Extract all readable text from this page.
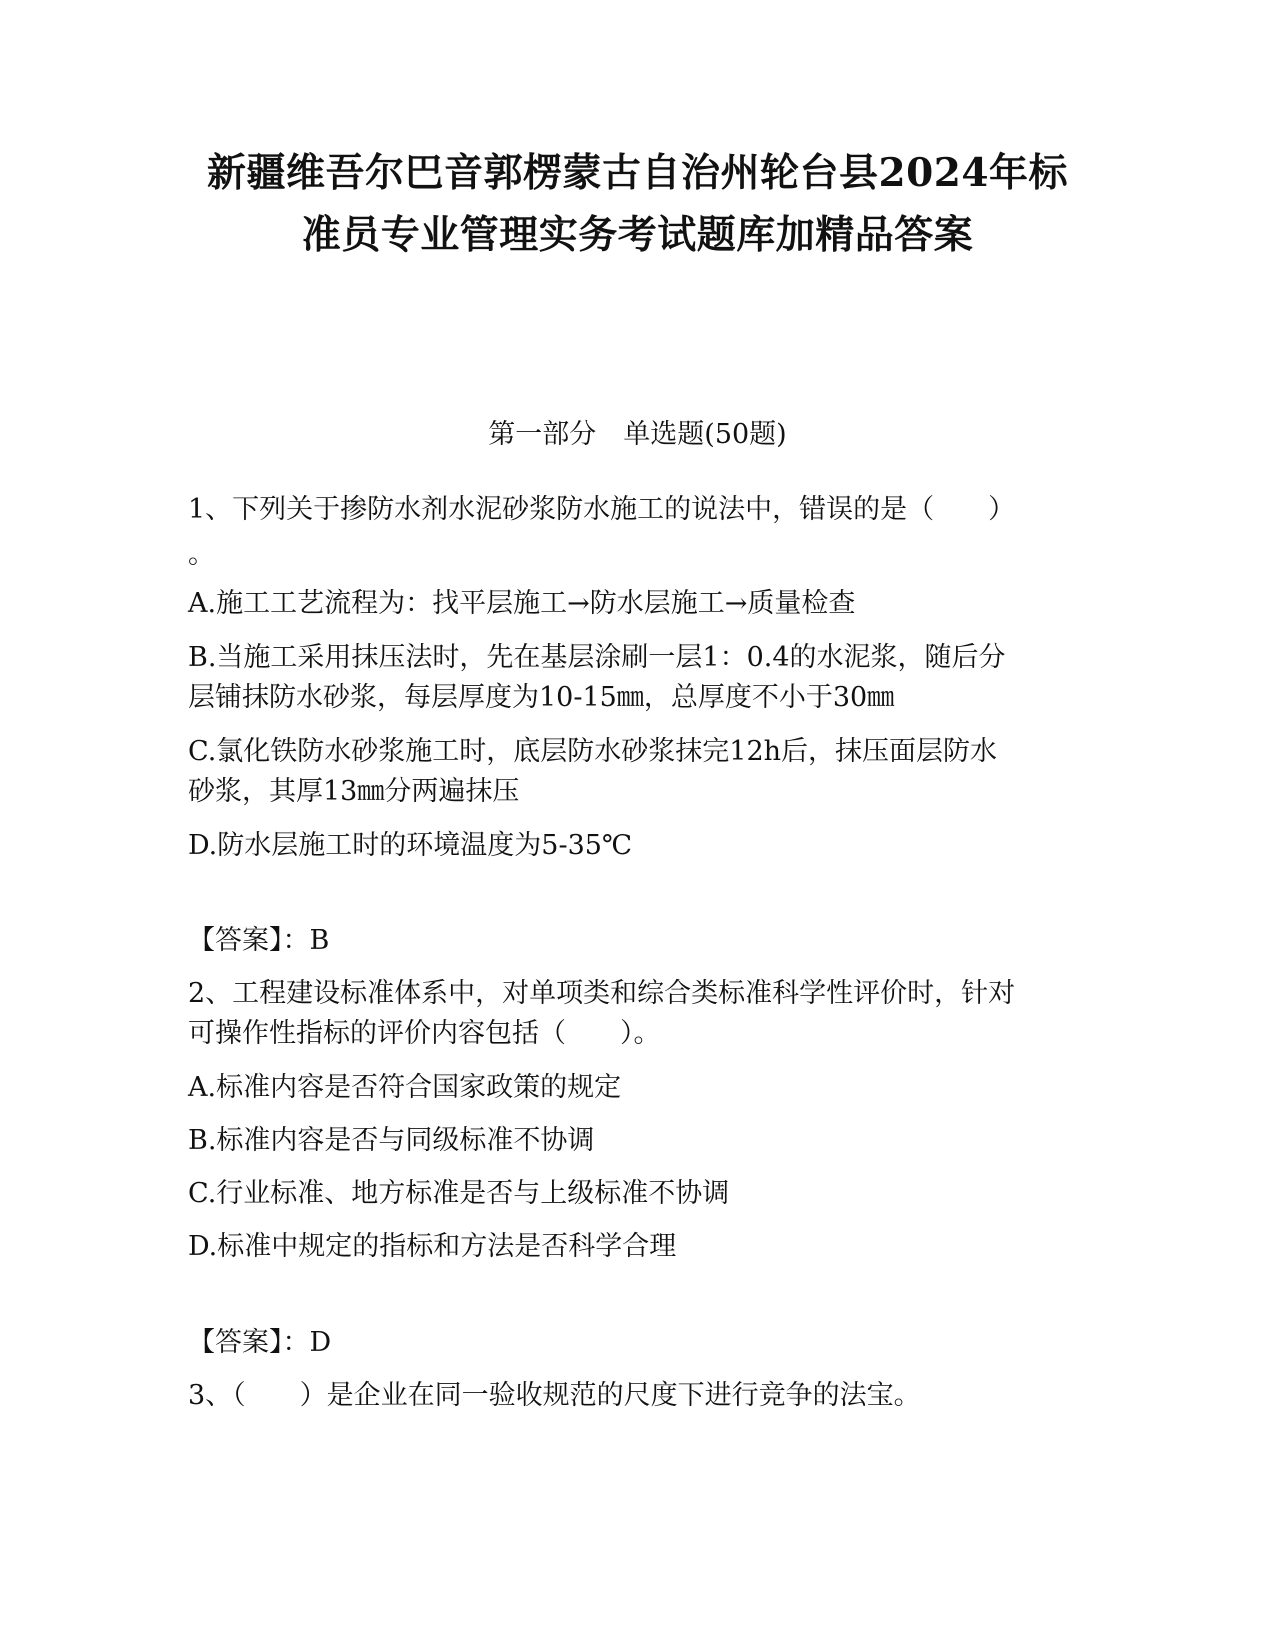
新疆维吾尔巴音郭楞蒙古自治州轮台县2024年标
准员专业管理实务考试题库加精品答案
第一部分　单选题(50题)
1、下列关于掺防水剂水泥砂浆防水施工的说法中，错误的是（　　）
。
A.施工工艺流程为：找平层施工→防水层施工→质量检查
B.当施工采用抹压法时，先在基层涂刷一层1：0.4的水泥浆，随后分
层铺抹防水砂浆，每层厚度为10-15㎜，总厚度不小于30㎜
C.氯化铁防水砂浆施工时，底层防水砂浆抹完12h后，抹压面层防水
砂浆，其厚13㎜分两遍抹压
D.防水层施工时的环境温度为5-35℃
【答案】：B
2、工程建设标准体系中，对单项类和综合类标准科学性评价时，针对
可操作性指标的评价内容包括（　　）。
A.标准内容是否符合国家政策的规定
B.标准内容是否与同级标准不协调
C.行业标准、地方标准是否与上级标准不协调
D.标准中规定的指标和方法是否科学合理
【答案】：D
3、（　　）是企业在同一验收规范的尺度下进行竞争的法宝。
